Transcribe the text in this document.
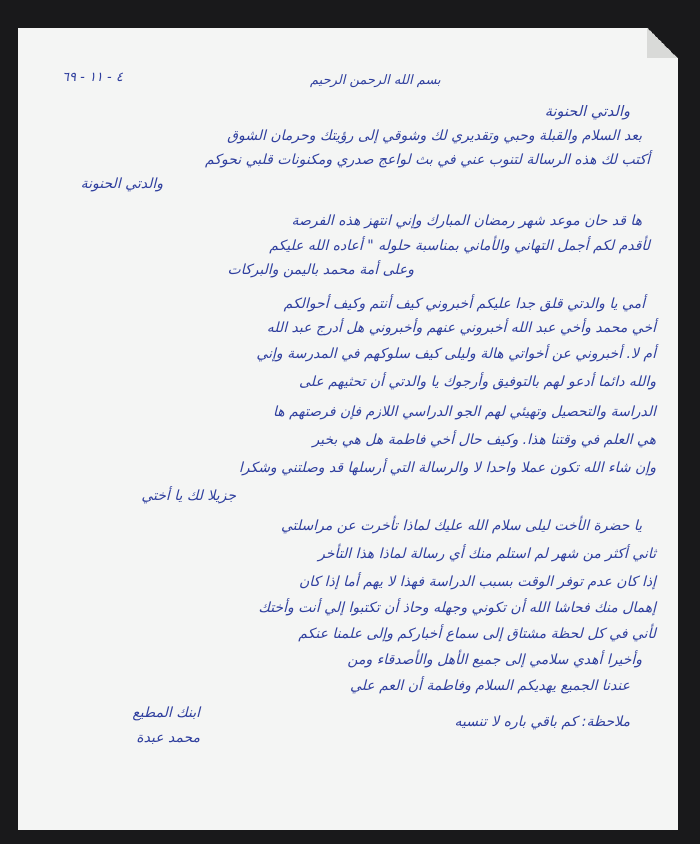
٤ - ١١ - ٦٩	بسم الله الرحمن الرحيم
والدتي الحنونة
بعد السلام والقبلة وحبي وتقديري لك وشوقي إلى رؤيتك وحرمان الشوق
أكتب لك هذه الرسالة لتنوب عني في بث لواعج صدري ومكنونات قلبي نحوكم
والدتي الحنونة
ها قد حان موعد شهر رمضان المبارك وإني انتهز هذه الفرصة
لأقدم لكم أجمل التهاني والأماني بمناسبة حلوله " أعاده الله عليكم
وعلى أمة محمد باليمن والبركات
أمي يا والدتي قلق جدا عليكم أخبروني كيف أنتم وكيف أحوالكم
أخي محمد وأخي عبد الله أخبروني عنهم وأخبروني هل أدرج عبد الله
أم لا. أخبروني عن أخواتي هالة وليلى كيف سلوكهم في المدرسة وإني
والله دائما أدعو لهم بالتوفيق وأرجوك يا والدتي أن تحثيهم على
الدراسة والتحصيل وتهيئي لهم الجو الدراسي اللازم فإن فرصتهم ها
هي العلم في وقتنا هذا. وكيف حال أخي فاطمة هل هي بخير
وإن شاء الله تكون عملا واحدا لا والرسالة التي أرسلها قد وصلتني وشكرا
جزيلا لك يا أختي
يا حضرة الأخت ليلى سلام الله عليك لماذا تأخرت عن مراسلتي
ثاني أكثر من شهر لم استلم منك أي رسالة لماذا هذا التأخر
إذا كان عدم توفر الوقت بسبب الدراسة فهذا لا يهم أما إذا كان
إهمال منك فحاشا الله أن تكوني وجهله وحاذ أن تكتبوا إلي أنت وأختك
لأني في كل لحظة مشتاق إلى سماع أخباركم وإلى علمنا عنكم
وأخيرا أهدي سلامي إلى جميع الأهل والأصدقاء ومن
عندنا الجميع يهديكم السلام وفاطمة أن العم علي
ملاحظة: كم باقي باره لا تنسيه
ابنك المطيع
محمد عبدة
